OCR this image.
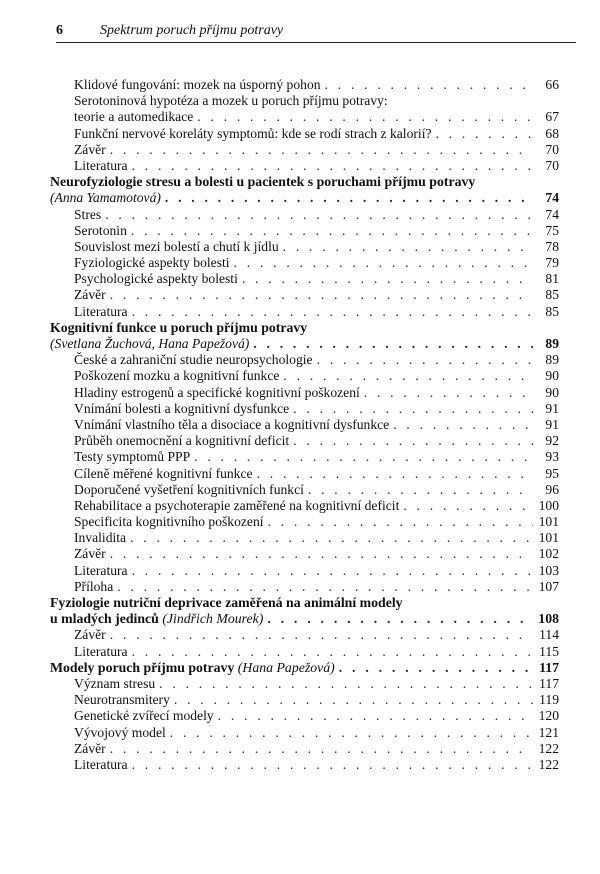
6	Spektrum poruch příjmu potravy
Klidové fungování: mozek na úsporný pohon . . .	66
Serotoninová hypotéza a mozek u poruch příjmu potravy:
teorie a automedikace . . .	67
Funkční nervové koreláty symptomů: kde se rodí strach z kalorií? . . .	68
Závěr . . .	70
Literatura . . .	70
Neurofyziologie stresu a bolesti u pacientek s poruchami příjmu potravy
(Anna Yamamotová) . . .	74
Stres . . .	74
Serotonin . . .	75
Souvislost mezi bolestí a chutí k jídlu . . .	78
Fyziologické aspekty bolesti . . .	79
Psychologické aspekty bolesti . . .	81
Závěr . . .	85
Literatura . . .	85
Kognitivní funkce u poruch příjmu potravy
(Svetlana Žuchová, Hana Papežová) . . .	89
České a zahraniční studie neuropsychologie . . .	89
Poškození mozku a kognitivní funkce . . .	90
Hladiny estrogenů a specifické kognitivní poškození . . .	90
Vnímání bolesti a kognitivní dysfunkce . . .	91
Vnímání vlastního těla a disociace a kognitivní dysfunkce . . .	91
Průběh onemocnění a kognitivní deficit . . .	92
Testy symptomů PPP . . .	93
Cíleně měřené kognitivní funkce . . .	95
Doporučené vyšetření kognitivních funkcí . . .	96
Rehabilitace a psychoterapie zaměřené na kognitivní deficit . . .	100
Specificita kognitivního poškození . . .	101
Invalidita . . .	101
Závěr . . .	102
Literatura . . .	103
Příloha . . .	107
Fyziologie nutriční deprivace zaměřená na animální modely
u mladých jedinců
(Jindřich Mourek) . . .	108
Závěr . . .	114
Literatura . . .	115
Modely poruch příjmu potravy
(Hana Papežová) . . .	117
Význam stresu . . .	117
Neurotransmitery . . .	119
Genetické zvířecí modely . . .	120
Vývojový model . . .	121
Závěr . . .	122
Literatura . . .	122
